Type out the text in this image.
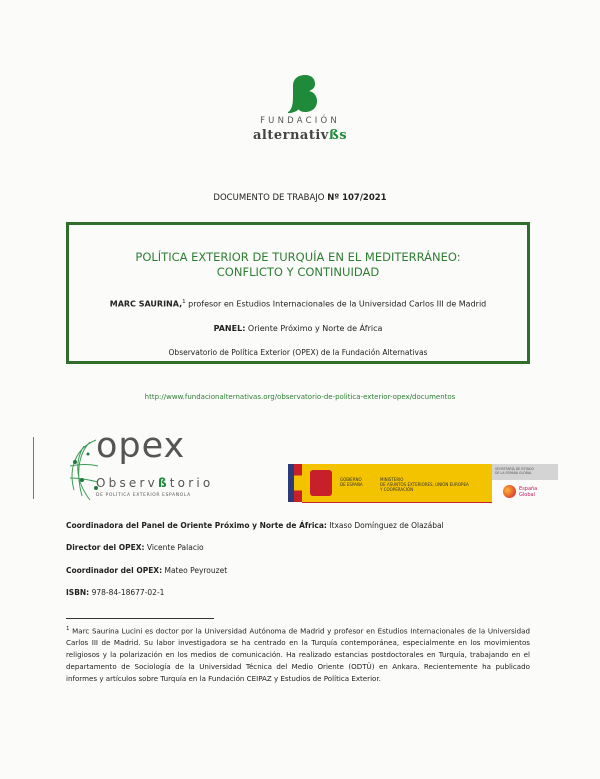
FUNDACIÓN
alternativßs
DOCUMENTO DE TRABAJO Nº 107/2021
POLÍTICA EXTERIOR DE TURQUÍA EN EL MEDITERRÁNEO:
CONFLICTO Y CONTINUIDAD
MARC SAURINA,$^1$ profesor en Estudios Internacionales de la Universidad Carlos III de Madrid
PANEL: Oriente Próximo y Norte de África
Observatorio de Política Exterior (OPEX) de la Fundación Alternativas
http://www.fundacionalternativas.org/observatorio-de-politica-exterior-opex/documentos
opex
Observßtorio
DE POLÍTICA EXTERIOR ESPAÑOLA
GOBIERNO
DE ESPAÑA
MINISTERIO
DE ASUNTOS EXTERIORES, UNIÓN EUROPEA
Y COOPERACIÓN
SECRETARÍA DE ESTADO
DE LA ESPAÑA GLOBAL
España
Global
Coordinadora del Panel de Oriente Próximo y Norte de África: Itxaso Domínguez de Olazábal
Director del OPEX: Vicente Palacio
Coordinador del OPEX: Mateo Peyrouzet
ISBN: 978-84-18677-02-1
$^1$ Marc Saurina Lucini es doctor por la Universidad Autónoma de Madrid y profesor en Estudios Internacionales de la Universidad Carlos III de Madrid. Su labor investigadora se ha centrado en la Turquía contemporánea, especialmente en los movimientos religiosos y la polarización en los medios de comunicación. Ha realizado estancias postdoctorales en Turquía, trabajando en el departamento de Sociología de la Universidad Técnica del Medio Oriente (ODTÜ) en Ankara. Recientemente ha publicado informes y artículos sobre Turquía en la Fundación CEIPAZ y Estudios de Política Exterior.
